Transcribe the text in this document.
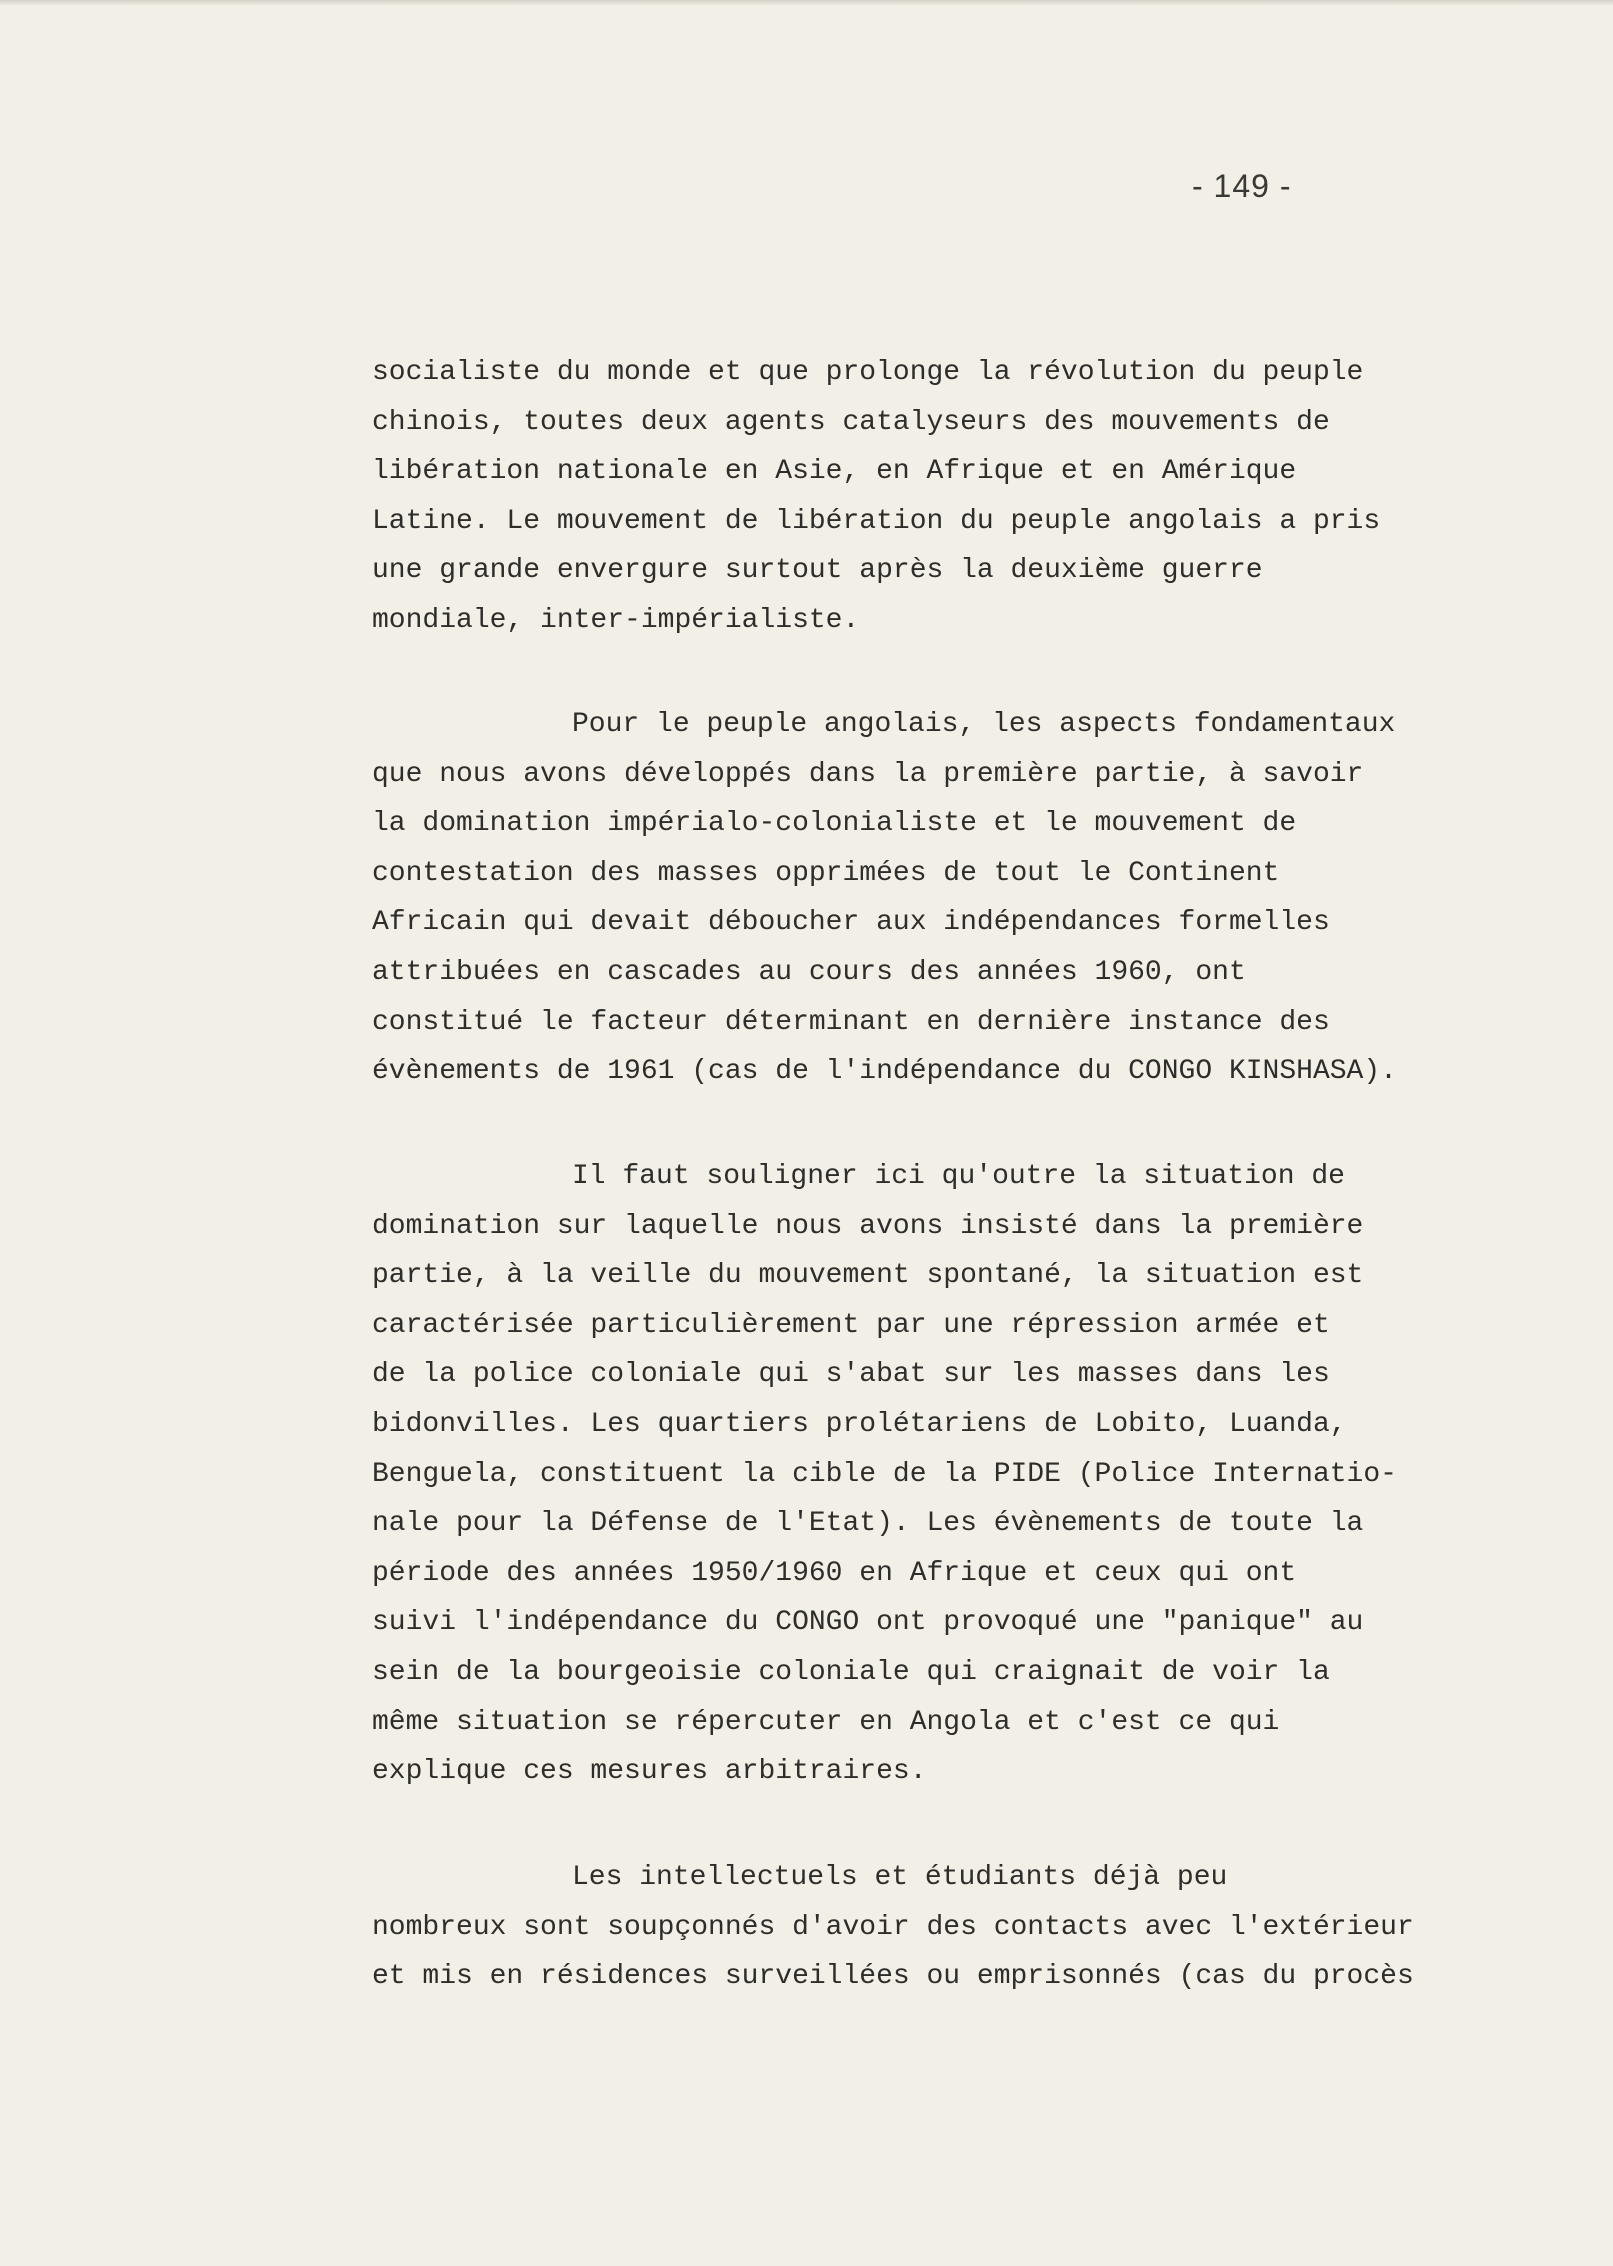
- 149 -
socialiste du monde et que prolonge la révolution du peuple
chinois, toutes deux agents catalyseurs des mouvements de
libération nationale en Asie, en Afrique et en Amérique
Latine. Le mouvement de libération du peuple angolais a pris
une grande envergure surtout après la deuxième guerre
mondiale, inter-impérialiste.
Pour le peuple angolais, les aspects fondamentaux
que nous avons développés dans la première partie, à savoir
la domination impérialo-colonialiste et le mouvement de
contestation des masses opprimées de tout le Continent
Africain qui devait déboucher aux indépendances formelles
attribuées en cascades au cours des années 1960, ont
constitué le facteur déterminant en dernière instance des
évènements de 1961 (cas de l'indépendance du CONGO KINSHASA).
Il faut souligner ici qu'outre la situation de
domination sur laquelle nous avons insisté dans la première
partie, à la veille du mouvement spontané, la situation est
caractérisée particulièrement par une répression armée et
de la police coloniale qui s'abat sur les masses dans les
bidonvilles. Les quartiers prolétariens de Lobito, Luanda,
Benguela, constituent la cible de la PIDE (Police Internatio-
nale pour la Défense de l'Etat). Les évènements de toute la
période des années 1950/1960 en Afrique et ceux qui ont
suivi l'indépendance du CONGO ont provoqué une "panique" au
sein de la bourgeoisie coloniale qui craignait de voir la
même situation se répercuter en Angola et c'est ce qui
explique ces mesures arbitraires.
Les intellectuels et étudiants déjà peu
nombreux sont soupçonnés d'avoir des contacts avec l'extérieur
et mis en résidences surveillées ou emprisonnés (cas du procès
